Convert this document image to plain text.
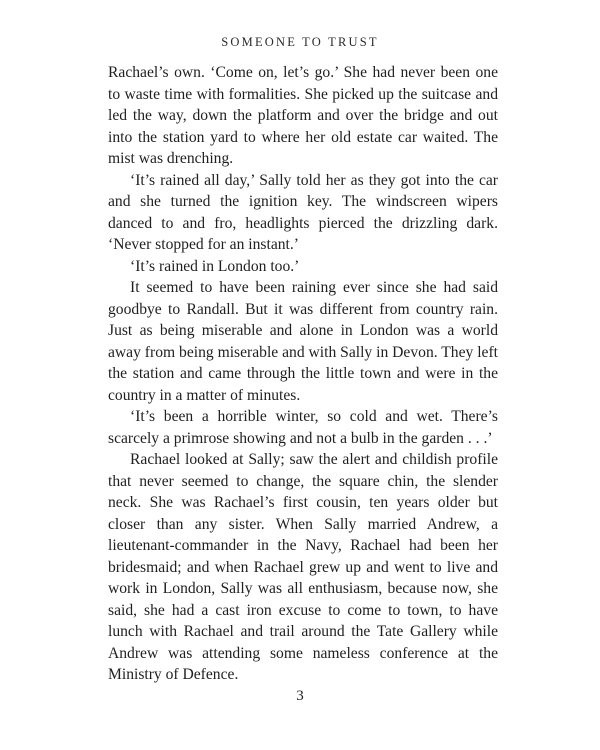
SOMEONE TO TRUST

Rachael’s own. ‘Come on, let’s go.’ She had never been one to waste time with formalities. She picked up the suitcase and led the way, down the platform and over the bridge and out into the station yard to where her old estate car waited. The mist was drenching.

‘It’s rained all day,’ Sally told her as they got into the car and she turned the ignition key. The windscreen wipers danced to and fro, headlights pierced the drizzling dark. ‘Never stopped for an instant.’

‘It’s rained in London too.’

It seemed to have been raining ever since she had said goodbye to Randall. But it was different from country rain. Just as being miserable and alone in London was a world away from being miserable and with Sally in Devon. They left the station and came through the little town and were in the country in a matter of minutes.

‘It’s been a horrible winter, so cold and wet. There’s scarcely a primrose showing and not a bulb in the garden . . .’

Rachael looked at Sally; saw the alert and childish profile that never seemed to change, the square chin, the slender neck. She was Rachael’s first cousin, ten years older but closer than any sister. When Sally married Andrew, a lieutenant-commander in the Navy, Rachael had been her bridesmaid; and when Rachael grew up and went to live and work in London, Sally was all enthusiasm, because now, she said, she had a cast iron excuse to come to town, to have lunch with Rachael and trail around the Tate Gallery while Andrew was attending some nameless conference at the Ministry of Defence.

3
